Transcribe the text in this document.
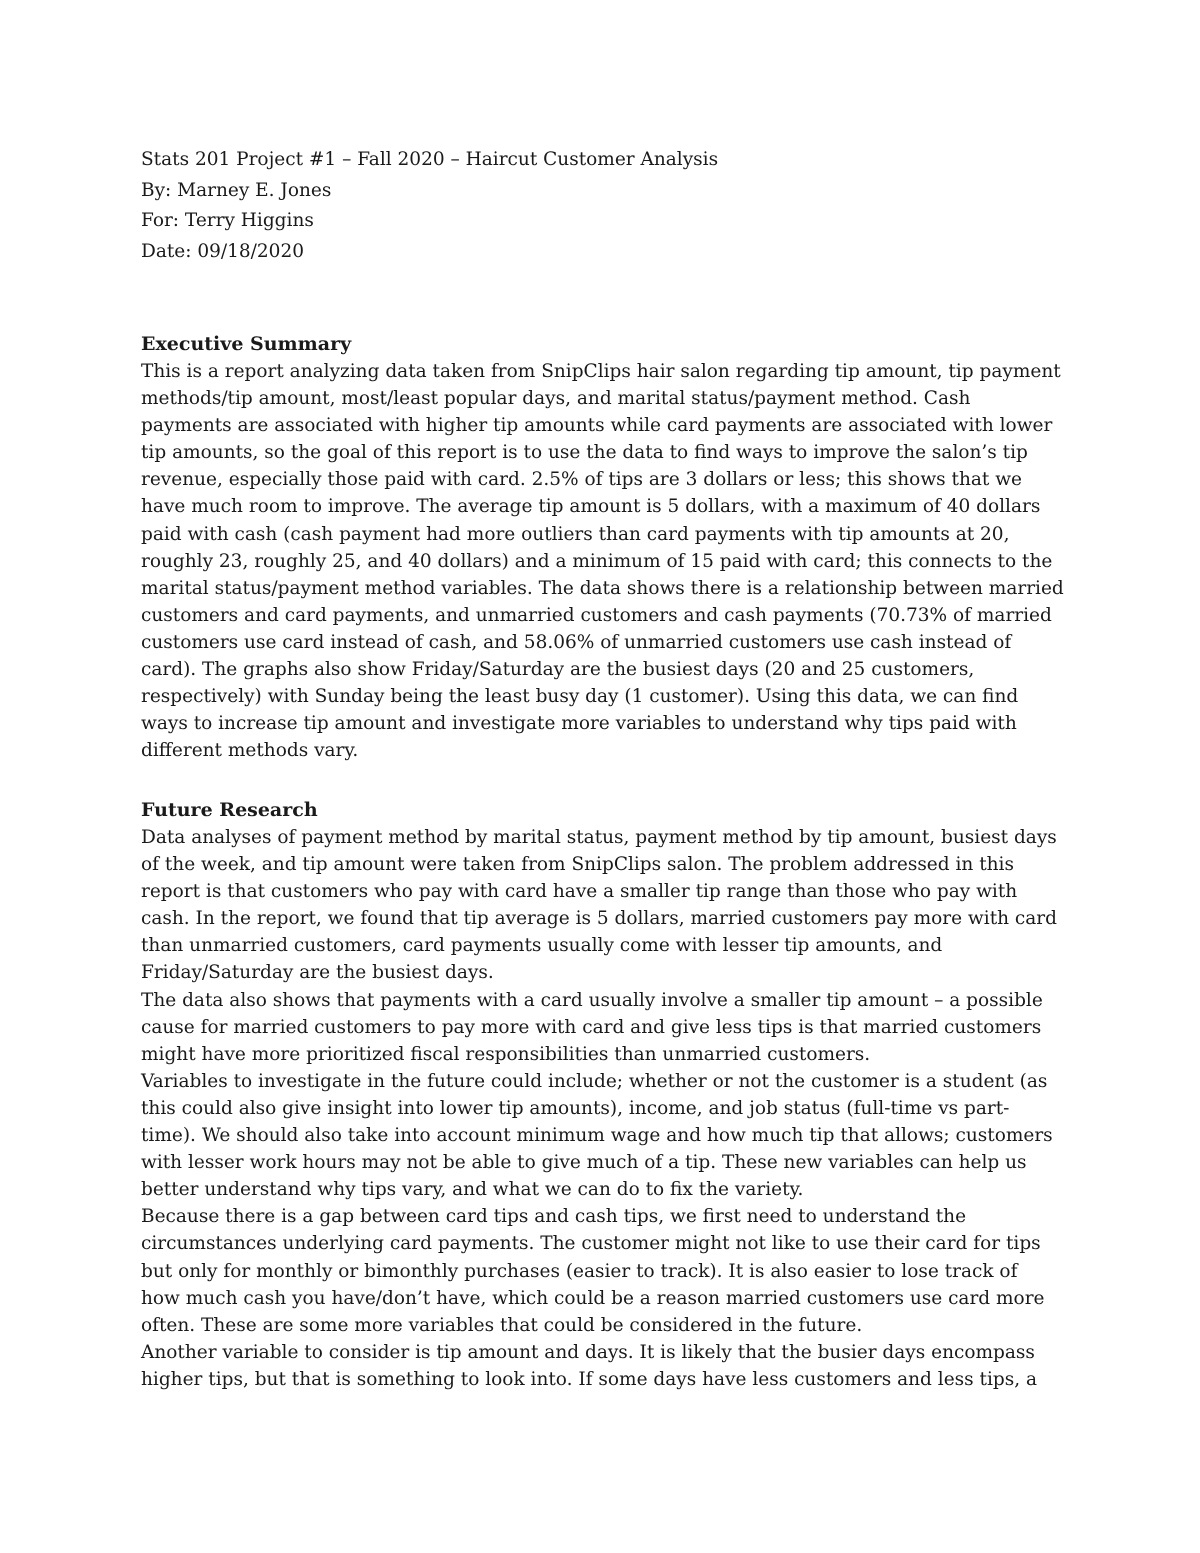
Stats 201 Project #1 – Fall 2020 – Haircut Customer Analysis
By: Marney E. Jones
For: Terry Higgins
Date: 09/18/2020
Executive Summary
This is a report analyzing data taken from SnipClips hair salon regarding tip amount, tip payment
methods/tip amount, most/least popular days, and marital status/payment method. Cash
payments are associated with higher tip amounts while card payments are associated with lower
tip amounts, so the goal of this report is to use the data to find ways to improve the salon’s tip
revenue, especially those paid with card. 2.5% of tips are 3 dollars or less; this shows that we
have much room to improve. The average tip amount is 5 dollars, with a maximum of 40 dollars
paid with cash (cash payment had more outliers than card payments with tip amounts at 20,
roughly 23, roughly 25, and 40 dollars) and a minimum of 15 paid with card; this connects to the
marital status/payment method variables. The data shows there is a relationship between married
customers and card payments, and unmarried customers and cash payments (70.73% of married
customers use card instead of cash, and 58.06% of unmarried customers use cash instead of
card). The graphs also show Friday/Saturday are the busiest days (20 and 25 customers,
respectively) with Sunday being the least busy day (1 customer). Using this data, we can find
ways to increase tip amount and investigate more variables to understand why tips paid with
different methods vary.
Future Research
Data analyses of payment method by marital status, payment method by tip amount, busiest days
of the week, and tip amount were taken from SnipClips salon. The problem addressed in this
report is that customers who pay with card have a smaller tip range than those who pay with
cash. In the report, we found that tip average is 5 dollars, married customers pay more with card
than unmarried customers, card payments usually come with lesser tip amounts, and
Friday/Saturday are the busiest days.
The data also shows that payments with a card usually involve a smaller tip amount – a possible
cause for married customers to pay more with card and give less tips is that married customers
might have more prioritized fiscal responsibilities than unmarried customers.
Variables to investigate in the future could include; whether or not the customer is a student (as
this could also give insight into lower tip amounts), income, and job status (full-time vs part-
time). We should also take into account minimum wage and how much tip that allows; customers
with lesser work hours may not be able to give much of a tip. These new variables can help us
better understand why tips vary, and what we can do to fix the variety.
Because there is a gap between card tips and cash tips, we first need to understand the
circumstances underlying card payments. The customer might not like to use their card for tips
but only for monthly or bimonthly purchases (easier to track). It is also easier to lose track of
how much cash you have/don’t have, which could be a reason married customers use card more
often. These are some more variables that could be considered in the future.
Another variable to consider is tip amount and days. It is likely that the busier days encompass
higher tips, but that is something to look into. If some days have less customers and less tips, a
